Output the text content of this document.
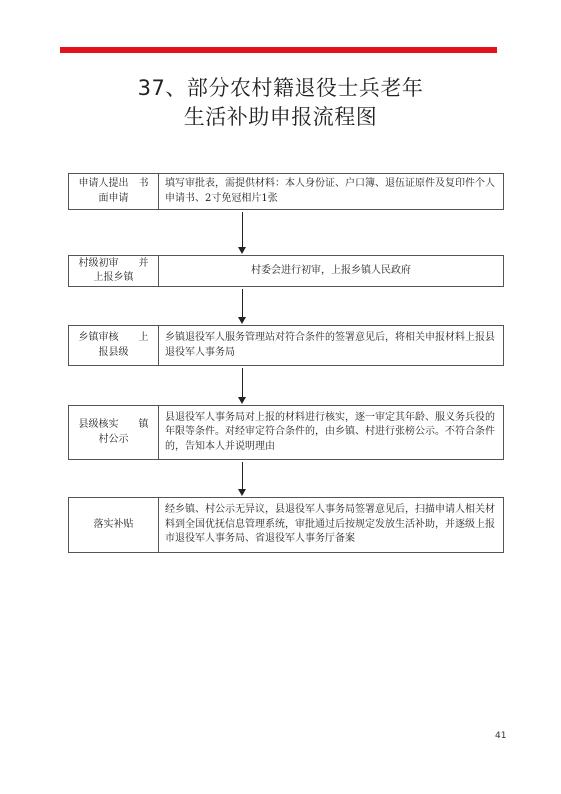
37、部分农村籍退役士兵老年
生活补助申报流程图
申请人提出　书面申请
填写审批表，需提供材料：本人身份证、户口簿、退伍证原件及复印件个人申请书、2寸免冠相片1张
村级初审　　并上报乡镇
村委会进行初审，上报乡镇人民政府
乡镇审核　　上报县级
乡镇退役军人服务管理站对符合条件的签署意见后，将相关申报材料上报县退役军人事务局
县级核实　　镇村公示
县退役军人事务局对上报的材料进行核实，逐一审定其年龄、服义务兵役的年限等条件。对经审定符合条件的，由乡镇、村进行张榜公示。不符合条件的，告知本人并说明理由
落实补贴
经乡镇、村公示无异议，县退役军人事务局签署意见后，扫描申请人相关材料到全国优抚信息管理系统，审批通过后按规定发放生活补助，并逐级上报市退役军人事务局、省退役军人事务厅备案
41
